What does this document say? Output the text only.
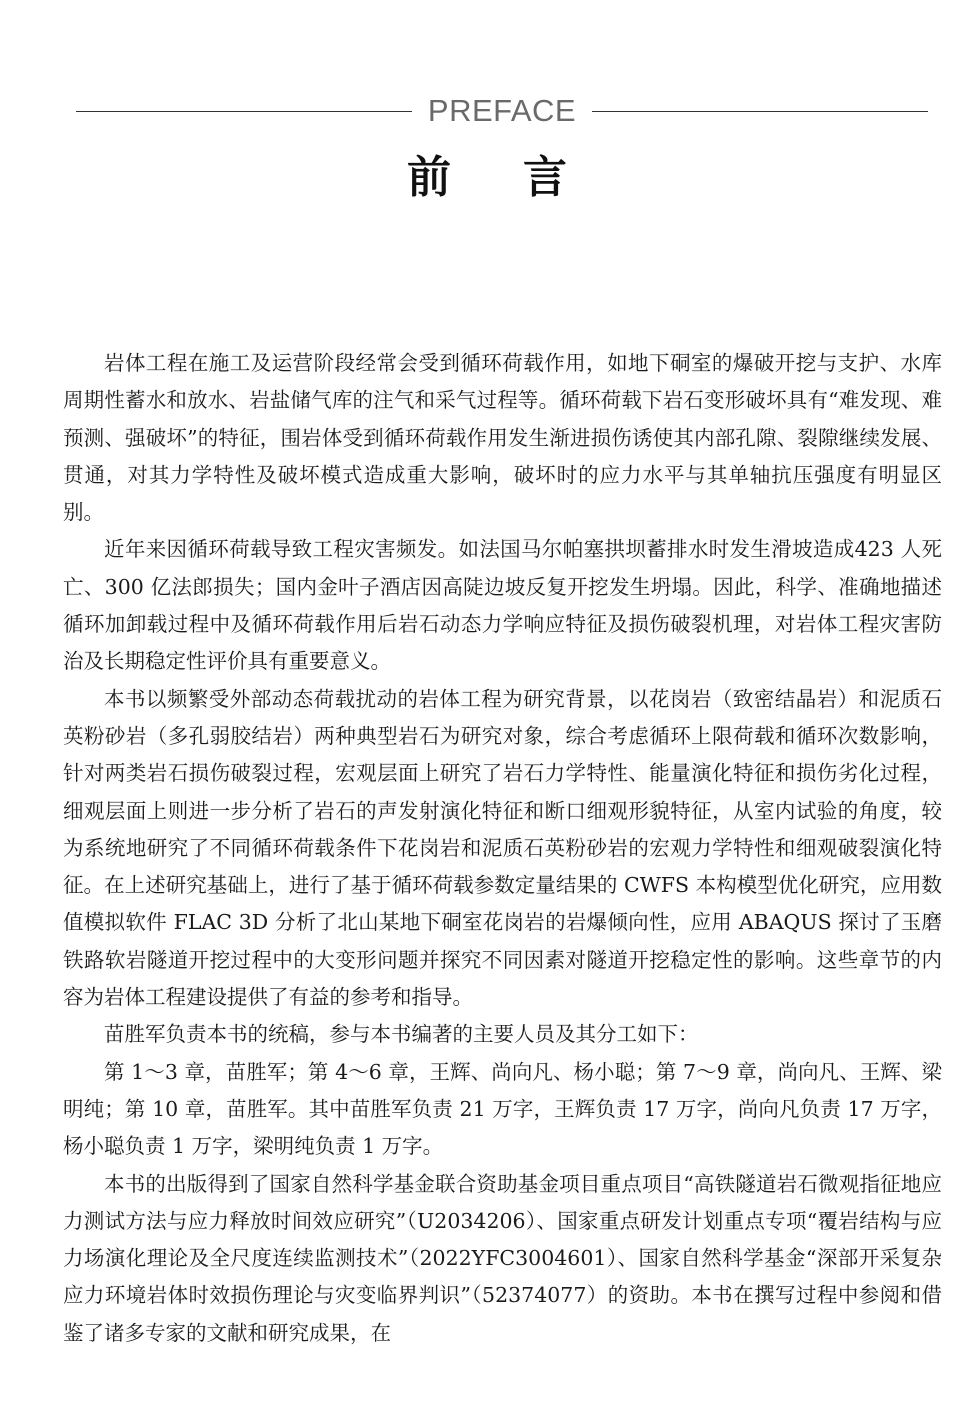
PREFACE
前言

岩体工程在施工及运营阶段经常会受到循环荷载作用，如地下硐室的爆破开挖与支护、水库周期性蓄水和放水、岩盐储气库的注气和采气过程等。循环荷载下岩石变形破坏具有“难发现、难预测、强破坏”的特征，围岩体受到循环荷载作用发生渐进损伤诱使其内部孔隙、裂隙继续发展、贯通，对其力学特性及破坏模式造成重大影响，破坏时的应力水平与其单轴抗压强度有明显区别。

近年来因循环荷载导致工程灾害频发。如法国马尔帕塞拱坝蓄排水时发生滑坡造成423 人死亡、300 亿法郎损失；国内金叶子酒店因高陡边坡反复开挖发生坍塌。因此，科学、准确地描述循环加卸载过程中及循环荷载作用后岩石动态力学响应特征及损伤破裂机理，对岩体工程灾害防治及长期稳定性评价具有重要意义。

本书以频繁受外部动态荷载扰动的岩体工程为研究背景，以花岗岩（致密结晶岩）和泥质石英粉砂岩（多孔弱胶结岩）两种典型岩石为研究对象，综合考虑循环上限荷载和循环次数影响，针对两类岩石损伤破裂过程，宏观层面上研究了岩石力学特性、能量演化特征和损伤劣化过程，细观层面上则进一步分析了岩石的声发射演化特征和断口细观形貌特征，从室内试验的角度，较为系统地研究了不同循环荷载条件下花岗岩和泥质石英粉砂岩的宏观力学特性和细观破裂演化特征。在上述研究基础上，进行了基于循环荷载参数定量结果的 CWFS 本构模型优化研究，应用数值模拟软件 FLAC 3D 分析了北山某地下硐室花岗岩的岩爆倾向性，应用 ABAQUS 探讨了玉磨铁路软岩隧道开挖过程中的大变形问题并探究不同因素对隧道开挖稳定性的影响。这些章节的内容为岩体工程建设提供了有益的参考和指导。

苗胜军负责本书的统稿，参与本书编著的主要人员及其分工如下：

第 1～3 章，苗胜军；第 4～6 章，王辉、尚向凡、杨小聪；第 7～9 章，尚向凡、王辉、梁明纯；第 10 章，苗胜军。其中苗胜军负责 21 万字，王辉负责 17 万字，尚向凡负责 17 万字，杨小聪负责 1 万字，梁明纯负责 1 万字。

本书的出版得到了国家自然科学基金联合资助基金项目重点项目“高铁隧道岩石微观指征地应力测试方法与应力释放时间效应研究”（U2034206）、国家重点研发计划重点专项“覆岩结构与应力场演化理论及全尺度连续监测技术”（2022YFC3004601）、国家自然科学基金“深部开采复杂应力环境岩体时效损伤理论与灾变临界判识”（52374077）的资助。本书在撰写过程中参阅和借鉴了诸多专家的文献和研究成果，在
